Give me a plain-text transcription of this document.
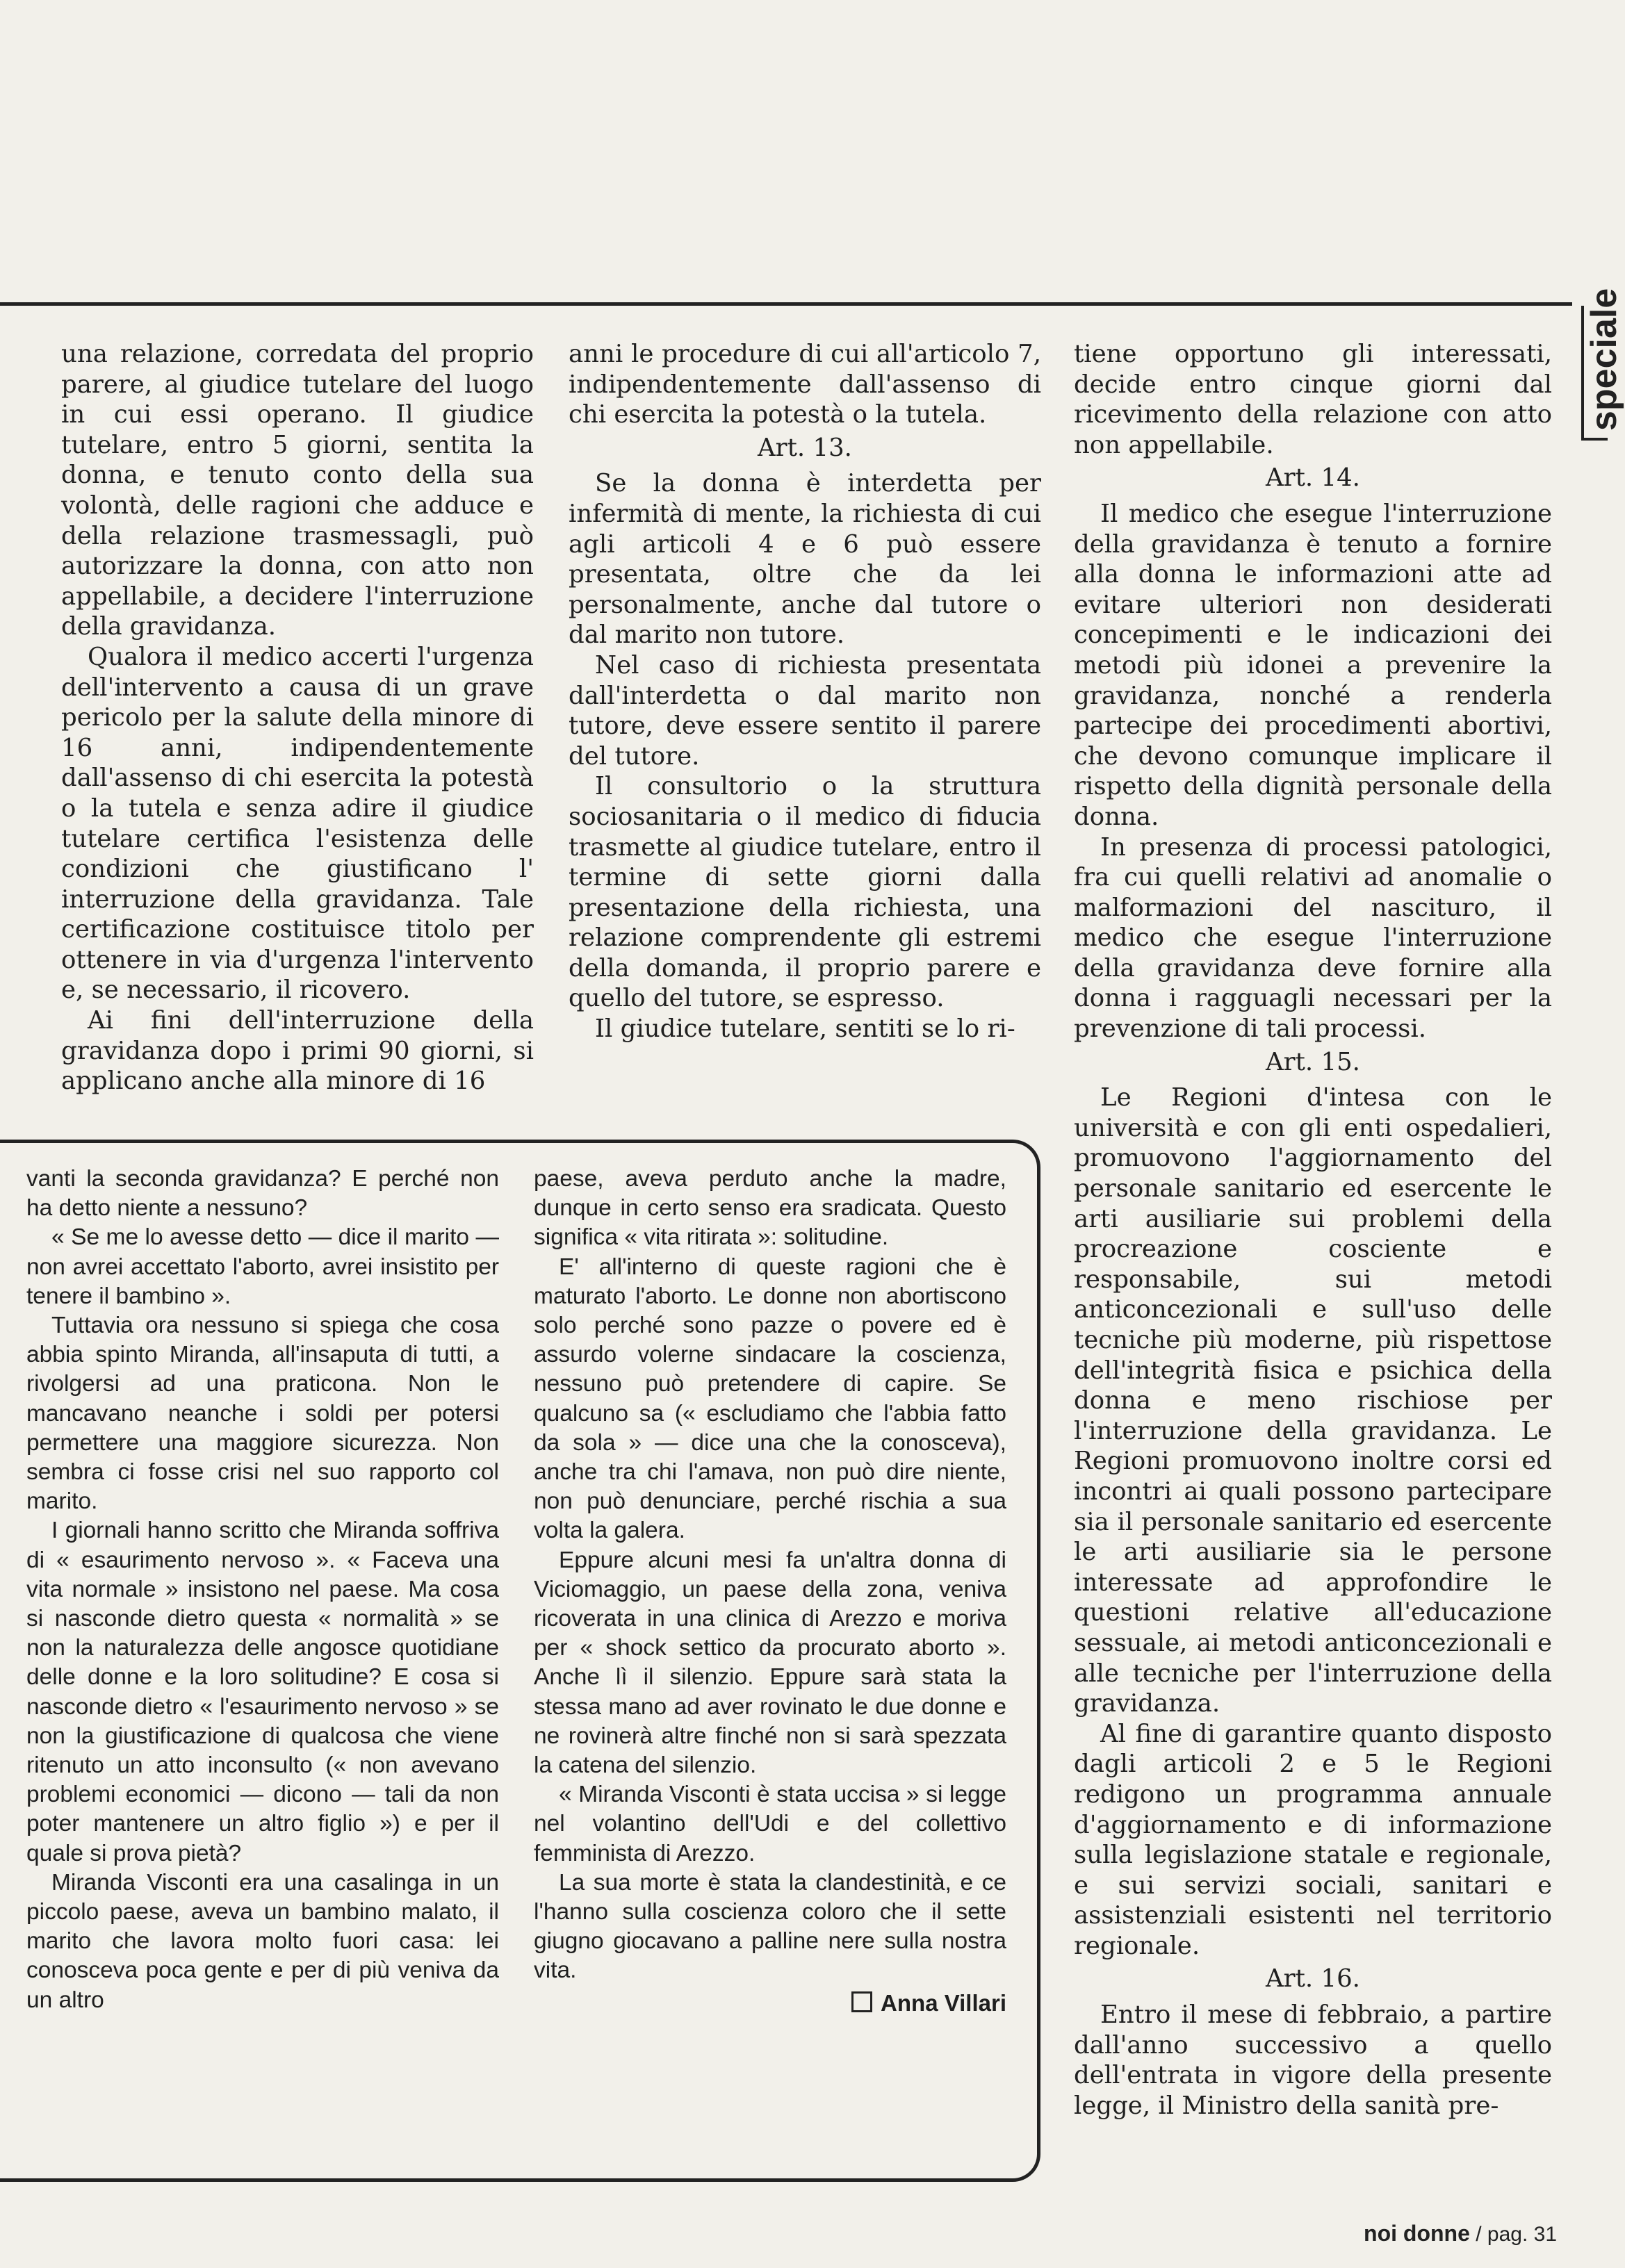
speciale

una relazione, corredata del proprio parere, al giudice tutelare del luogo in cui essi operano. Il giudice tutelare, entro 5 giorni, sentita la donna, e tenuto conto della sua volontà, delle ragioni che adduce e della relazione trasmessagli, può autorizzare la donna, con atto non appellabile, a decidere l'interruzione della gravidanza.

Qualora il medico accerti l'urgenza dell'intervento a causa di un grave pericolo per la salute della minore di 16 anni, indipendentemente dall'assenso di chi esercita la potestà o la tutela e senza adire il giudice tutelare certifica l'esistenza delle condizioni che giustificano l' interruzione della gravidanza. Tale certificazione costituisce titolo per ottenere in via d'urgenza l'intervento e, se necessario, il ricovero.

Ai fini dell'interruzione della gravidanza dopo i primi 90 giorni, si applicano anche alla minore di 16

anni le procedure di cui all'articolo 7, indipendentemente dall'assenso di chi esercita la potestà o la tutela.

Art. 13.

Se la donna è interdetta per infermità di mente, la richiesta di cui agli articoli 4 e 6 può essere presentata, oltre che da lei personalmente, anche dal tutore o dal marito non tutore.

Nel caso di richiesta presentata dall'interdetta o dal marito non tutore, deve essere sentito il parere del tutore.

Il consultorio o la struttura sociosanitaria o il medico di fiducia trasmette al giudice tutelare, entro il termine di sette giorni dalla presentazione della richiesta, una relazione comprendente gli estremi della domanda, il proprio parere e quello del tutore, se espresso.

Il giudice tutelare, sentiti se lo ri-

tiene opportuno gli interessati, decide entro cinque giorni dal ricevimento della relazione con atto non appellabile.

Art. 14.

Il medico che esegue l'interruzione della gravidanza è tenuto a fornire alla donna le informazioni atte ad evitare ulteriori non desiderati concepimenti e le indicazioni dei metodi più idonei a prevenire la gravidanza, nonché a renderla partecipe dei procedimenti abortivi, che devono comunque implicare il rispetto della dignità personale della donna.

In presenza di processi patologici, fra cui quelli relativi ad anomalie o malformazioni del nascituro, il medico che esegue l'interruzione della gravidanza deve fornire alla donna i ragguagli necessari per la prevenzione di tali processi.

Art. 15.

Le Regioni d'intesa con le università e con gli enti ospedalieri, promuovono l'aggiornamento del personale sanitario ed esercente le arti ausiliarie sui problemi della procreazione cosciente e responsabile, sui metodi anticoncezionali e sull'uso delle tecniche più moderne, più rispettose dell'integrità fisica e psichica della donna e meno rischiose per l'interruzione della gravidanza. Le Regioni promuovono inoltre corsi ed incontri ai quali possono partecipare sia il personale sanitario ed esercente le arti ausiliarie sia le persone interessate ad approfondire le questioni relative all'educazione sessuale, ai metodi anticoncezionali e alle tecniche per l'interruzione della gravidanza.

Al fine di garantire quanto disposto dagli articoli 2 e 5 le Regioni redigono un programma annuale d'aggiornamento e di informazione sulla legislazione statale e regionale, e sui servizi sociali, sanitari e assistenziali esistenti nel territorio regionale.

Art. 16.

Entro il mese di febbraio, a partire dall'anno successivo a quello dell'entrata in vigore della presente legge, il Ministro della sanità pre-

vanti la seconda gravidanza? E perché non ha detto niente a nessuno?

« Se me lo avesse detto — dice il marito — non avrei accettato l'aborto, avrei insistito per tenere il bambino ».

Tuttavia ora nessuno si spiega che cosa abbia spinto Miranda, all'insaputa di tutti, a rivolgersi ad una praticona. Non le mancavano neanche i soldi per potersi permettere una maggiore sicurezza. Non sembra ci fosse crisi nel suo rapporto col marito.

I giornali hanno scritto che Miranda soffriva di « esaurimento nervoso ». « Faceva una vita normale » insistono nel paese. Ma cosa si nasconde dietro questa « normalità » se non la naturalezza delle angosce quotidiane delle donne e la loro solitudine? E cosa si nasconde dietro « l'esaurimento nervoso » se non la giustificazione di qualcosa che viene ritenuto un atto inconsulto (« non avevano problemi economici — dicono — tali da non poter mantenere un altro figlio ») e per il quale si prova pietà?

Miranda Visconti era una casalinga in un piccolo paese, aveva un bambino malato, il marito che lavora molto fuori casa: lei conosceva poca gente e per di più veniva da un altro

paese, aveva perduto anche la madre, dunque in certo senso era sradicata. Questo significa « vita ritirata »: solitudine.

E' all'interno di queste ragioni che è maturato l'aborto. Le donne non abortiscono solo perché sono pazze o povere ed è assurdo volerne sindacare la coscienza, nessuno può pretendere di capire. Se qualcuno sa (« escludiamo che l'abbia fatto da sola » — dice una che la conosceva), anche tra chi l'amava, non può dire niente, non può denunciare, perché rischia a sua volta la galera.

Eppure alcuni mesi fa un'altra donna di Viciomaggio, un paese della zona, veniva ricoverata in una clinica di Arezzo e moriva per « shock settico da procurato aborto ». Anche lì il silenzio. Eppure sarà stata la stessa mano ad aver rovinato le due donne e ne rovinerà altre finché non si sarà spezzata la catena del silenzio.

« Miranda Visconti è stata uccisa » si legge nel volantino dell'Udi e del collettivo femminista di Arezzo.

La sua morte è stata la clandestinità, e ce l'hanno sulla coscienza coloro che il sette giugno giocavano a palline nere sulla nostra vita.

Anna Villari
noi donne / pag. 31
